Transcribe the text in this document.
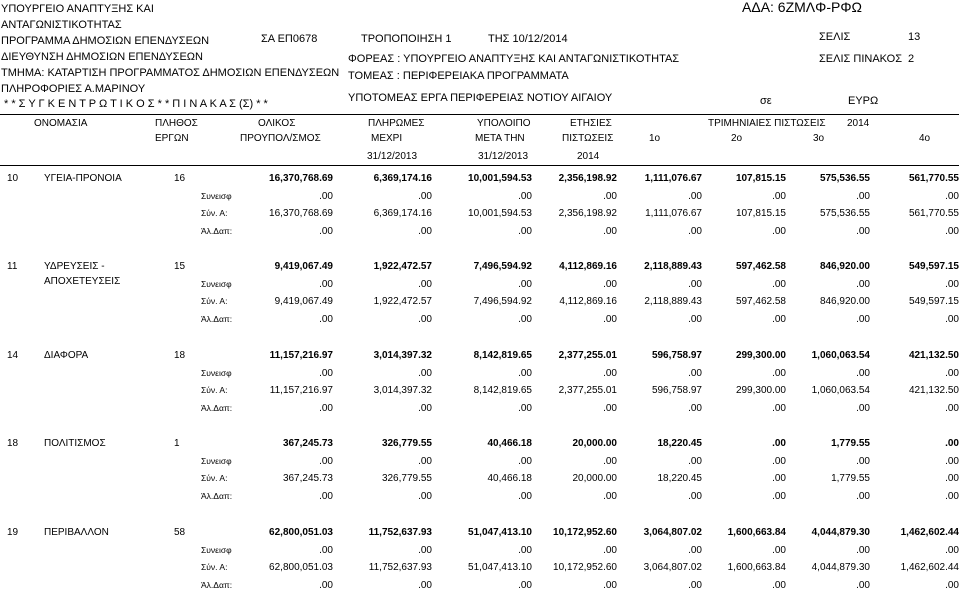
ΥΠΟΥΡΓΕΙΟ ΑΝΑΠΤΥΞΗΣ ΚΑΙ
ΑΝΤΑΓΩΝΙΣΤΙΚΟΤΗΤΑΣ
ΠΡΟΓΡΑΜΜΑ ΔΗΜΟΣΙΩΝ ΕΠΕΝΔΥΣΕΩΝ
ΔΙΕΥΘΥΝΣΗ ΔΗΜΟΣΙΩΝ ΕΠΕΝΔΥΣΕΩΝ
ΤΜΗΜΑ: ΚΑΤΑΡΤΙΣΗ ΠΡΟΓΡΑΜΜΑΤΟΣ ΔΗΜΟΣΙΩΝ ΕΠΕΝΔΥΣΕΩΝ
ΠΛΗΡΟΦΟΡΙΕΣ Α.ΜΑΡΙΝΟΥ
* * Σ Υ Γ Κ Ε Ν Τ Ρ Ω Τ Ι Κ Ο Σ * * Π Ι Ν Α Κ Α Σ (Σ) * *
ΑΔΑ: 6ΖΜΛΦ-ΡΦΩ
ΣΑ ΕΠ0678	ΤΡΟΠΟΠΟΙΗΣΗ 1	ΤΗΣ 10/12/2014
ΦΟΡΕΑΣ : ΥΠΟΥΡΓΕΙΟ ΑΝΑΠΤΥΞΗΣ ΚΑΙ ΑΝΤΑΓΩΝΙΣΤΙΚΟΤΗΤΑΣ
ΤΟΜΕΑΣ : ΠΕΡΙΦΕΡΕΙΑΚΑ ΠΡΟΓΡΑΜΜΑΤΑ
ΥΠΟΤΟΜΕΑΣ ΕΡΓΑ ΠΕΡΙΦΕΡΕΙΑΣ ΝΟΤΙΟΥ ΑΙΓΑΙΟΥ
ΣΕΛΙΣ	13
ΣΕΛΙΣ ΠΙΝΑΚΟΣ 2
σε	ΕΥΡΩ
ΟΝΟΜΑΣΙΑ	ΠΛΗΘΟΣ
ΕΡΓΩΝ
ΟΛΙΚΟΣ
ΠΡΟΥΠΟΛ/ΣΜΟΣ
ΠΛΗΡΩΜΕΣ
ΜΕΧΡΙ
31/12/2013
ΥΠΟΛΟΙΠΟ
ΜΕΤΑ ΤΗΝ
31/12/2013
ΕΤΗΣΙΕΣ
ΠΙΣΤΩΣΕΙΣ
2014
ΤΡΙΜΗΝΙΑΙΕΣ ΠΙΣΤΩΣΕΙΣ 2014
1ο	2ο	3ο	4ο
10	ΥΓΕΙΑ-ΠΡΟΝΟΙΑ	16	16,370,768.69	6,369,174.16	10,001,594.53	2,356,198.92	1,111,076.67	107,815.15	575,536.55	561,770.55
Συνεισφ	.00	.00	.00	.00	.00	.00	.00	.00
Σύν. Α:	16,370,768.69	6,369,174.16	10,001,594.53	2,356,198.92	1,111,076.67	107,815.15	575,536.55	561,770.55
Άλ.Δαπ:	.00	.00	.00	.00	.00	.00	.00	.00
11	ΥΔΡΕΥΣΕΙΣ -
ΑΠΟΧΕΤΕΥΣΕΙΣ
15	9,419,067.49	1,922,472.57	7,496,594.92	4,112,869.16	2,118,889.43	597,462.58	846,920.00	549,597.15
Συνεισφ	.00	.00	.00	.00	.00	.00	.00	.00
Σύν. Α:	9,419,067.49	1,922,472.57	7,496,594.92	4,112,869.16	2,118,889.43	597,462.58	846,920.00	549,597.15
Άλ.Δαπ:	.00	.00	.00	.00	.00	.00	.00	.00
14	ΔΙΑΦΟΡΑ	18	11,157,216.97	3,014,397.32	8,142,819.65	2,377,255.01	596,758.97	299,300.00	1,060,063.54	421,132.50
Συνεισφ	.00	.00	.00	.00	.00	.00	.00	.00
Σύν. Α:	11,157,216.97	3,014,397.32	8,142,819.65	2,377,255.01	596,758.97	299,300.00	1,060,063.54	421,132.50
Άλ.Δαπ:	.00	.00	.00	.00	.00	.00	.00	.00
18	ΠΟΛΙΤΙΣΜΟΣ	1	367,245.73	326,779.55	40,466.18	20,000.00	18,220.45	.00	1,779.55	.00
Συνεισφ	.00	.00	.00	.00	.00	.00	.00	.00
Σύν. Α:	367,245.73	326,779.55	40,466.18	20,000.00	18,220.45	.00	1,779.55	.00
Άλ.Δαπ:	.00	.00	.00	.00	.00	.00	.00	.00
19	ΠΕΡΙΒΑΛΛΟΝ	58	62,800,051.03	11,752,637.93	51,047,413.10 10,172,952.60	3,064,807.02	1,600,663.84	4,044,879.30	1,462,602.44
Συνεισφ	.00	.00	.00	.00	.00	.00	.00	.00
Σύν. Α:	62,800,051.03	11,752,637.93	51,047,413.10 10,172,952.60	3,064,807.02	1,600,663.84	4,044,879.30	1,462,602.44
Άλ.Δαπ:	.00	.00	.00	.00	.00	.00	.00	.00
